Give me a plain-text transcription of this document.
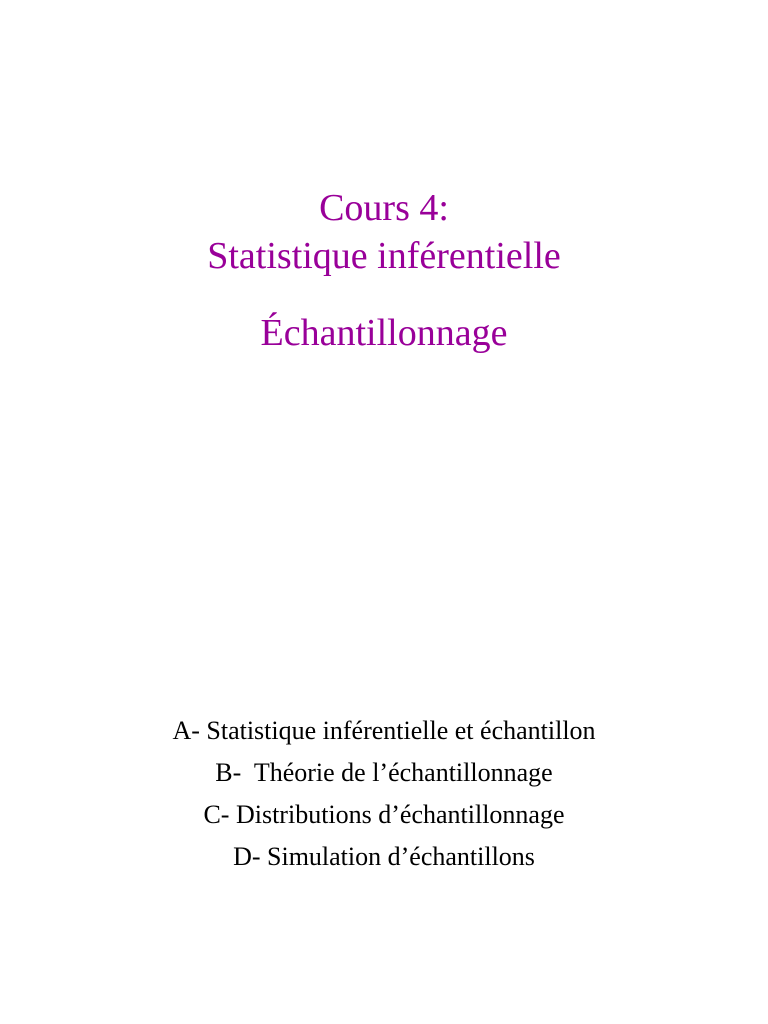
Cours 4:
Statistique inférentielle
Échantillonnage
A- Statistique inférentielle et échantillon
B-  Théorie de l’échantillonnage
C- Distributions d’échantillonnage
D- Simulation d’échantillons
